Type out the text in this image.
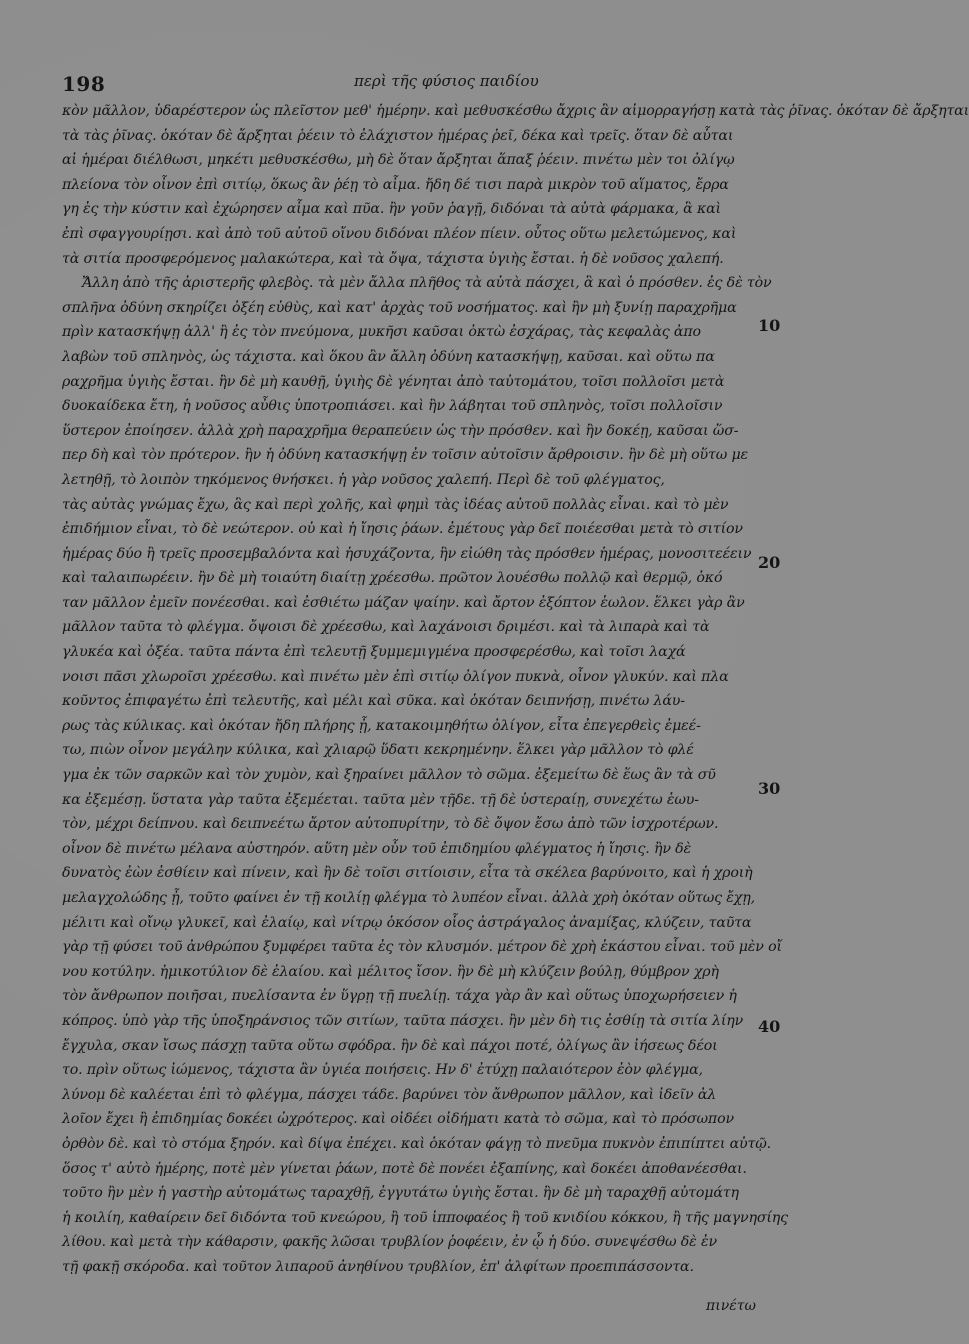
198	περὶ τῆς φύσιος παιδίου
κὸν μᾶλλον, ὑδαρέστερον ὡς πλεῖστον μεθ' ἡμέρην. καὶ μεθυσκέσθω ἄχρις ἂν αἱμορραγήσῃ κατὰ τὰς ῥῖνας. ὁκόταν δὲ ἄρξηται
τὰ τὰς ῥῖνας. ὁκόταν δὲ ἄρξηται ῥέειν τὸ ἐλάχιστον ἡμέρας ῥεῖ, δέκα καὶ τρεῖς. ὅταν δὲ αὗται
αἱ ἡμέραι διέλθωσι, μηκέτι μεθυσκέσθω, μὴ δὲ ὅταν ἄρξηται ἅπαξ ῥέειν. πινέτω μὲν τοι ὀλίγῳ
πλείονα τὸν οἶνον ἐπὶ σιτίῳ, ὅκως ἂν ῥέῃ τὸ αἷμα. ἤδη δέ τισι παρὰ μικρὸν τοῦ αἵματος, ἔρρα
γη ἐς τὴν κύστιν καὶ ἐχώρησεν αἷμα καὶ πῦα. ἢν γοῦν ῥαγῇ, διδόναι τὰ αὐτὰ φάρμακα, ἃ καὶ
ἐπὶ σφαγγουρίῃσι. καὶ ἀπὸ τοῦ αὐτοῦ οἴνου διδόναι πλέον πίειν. οὗτος οὕτω μελετώμενος, καὶ
τὰ σιτία προσφερόμενος μαλακώτερα, καὶ τὰ ὄψα, τάχιστα ὑγιὴς ἔσται. ἡ δὲ νοῦσος χαλεπή.
Ἄλλη ἀπὸ τῆς ἀριστερῆς φλεβὸς. τὰ μὲν ἄλλα πλῆθος τὰ αὐτὰ πάσχει, ἃ καὶ ὁ πρόσθεν. ἐς δὲ τὸν
σπλῆνα ὀδύνη σκηρίζει ὀξέη εὐθὺς, καὶ κατ' ἀρχὰς τοῦ νοσήματος. καὶ ἢν μὴ ξυνίῃ παραχρῆμα
πρὶν κατασκήψῃ ἀλλ' ἢ ἐς τὸν πνεύμονα, μυκῆσι καῦσαι ὀκτὼ ἐσχάρας, τὰς κεφαλὰς ἀπο
λαβὼν τοῦ σπληνὸς, ὡς τάχιστα. καὶ ὅκου ἂν ἄλλη ὀδύνη κατασκήψῃ, καῦσαι. καὶ οὕτω πα
ραχρῆμα ὑγιὴς ἔσται. ἢν δὲ μὴ καυθῇ, ὑγιὴς δὲ γένηται ἀπὸ ταὐτομάτου, τοῖσι πολλοῖσι μετὰ
δυοκαίδεκα ἔτη, ἡ νοῦσος αὖθις ὑποτροπιάσει. καὶ ἢν λάβηται τοῦ σπληνὸς, τοῖσι πολλοῖσιν
ὕστερον ἐποίησεν. ἀλλὰ χρὴ παραχρῆμα θεραπεύειν ὡς τὴν πρόσθεν. καὶ ἢν δοκέῃ, καῦσαι ὥσ-
περ δὴ καὶ τὸν πρότερον. ἢν ἡ ὀδύνη κατασκήψῃ ἐν τοῖσιν αὐτοῖσιν ἄρθροισιν. ἢν δὲ μὴ οὕτω με
λετηθῇ, τὸ λοιπὸν τηκόμενος θνήσκει. ἡ γὰρ νοῦσος χαλεπή. Περὶ δὲ τοῦ φλέγματος,
τὰς αὐτὰς γνώμας ἔχω, ἃς καὶ περὶ χολῆς, καὶ φημὶ τὰς ἰδέας αὐτοῦ πολλὰς εἶναι. καὶ τὸ μὲν
ἐπιδήμιον εἶναι, τὸ δὲ νεώτερον. οὐ καὶ ἡ ἴησις ῥάων. ἐμέτους γὰρ δεῖ ποιέεσθαι μετὰ τὸ σιτίον
ἡμέρας δύο ἢ τρεῖς προσεμβαλόντα καὶ ἡσυχάζοντα, ἣν εἰώθη τὰς πρόσθεν ἡμέρας, μονοσιτεέειν
καὶ ταλαιπωρέειν. ἢν δὲ μὴ τοιαύτη διαίτῃ χρέεσθω. πρῶτον λουέσθω πολλῷ καὶ θερμῷ, ὁκό
ταν μᾶλλον ἐμεῖν πονέεσθαι. καὶ ἐσθιέτω μάζαν ψαίην. καὶ ἄρτον ἐξόπτον ἑωλον. ἕλκει γὰρ ἂν
μᾶλλον ταῦτα τὸ φλέγμα. ὄψοισι δὲ χρέεσθω, καὶ λαχάνοισι δριμέσι. καὶ τὰ λιπαρὰ καὶ τὰ
γλυκέα καὶ ὀξέα. ταῦτα πάντα ἐπὶ τελευτῇ ξυμμεμιγμένα προσφερέσθω, καὶ τοῖσι λαχά
νοισι πᾶσι χλωροῖσι χρέεσθω. καὶ πινέτω μὲν ἐπὶ σιτίῳ ὀλίγον πυκνὰ, οἶνον γλυκύν. καὶ πλα
κοῦντος ἐπιφαγέτω ἐπὶ τελευτῆς, καὶ μέλι καὶ σῦκα. καὶ ὁκόταν δειπνήσῃ, πινέτω λάυ-
ρως τὰς κύλικας. καὶ ὁκόταν ἤδη πλήρης ᾖ, κατακοιμηθήτω ὀλίγον, εἶτα ἐπεγερθεὶς ἐμεέ-
τω, πιὼν οἶνον μεγάλην κύλικα, καὶ χλιαρῷ ὕδατι κεκρημένην. ἕλκει γὰρ μᾶλλον τὸ φλέ
γμα ἐκ τῶν σαρκῶν καὶ τὸν χυμὸν, καὶ ξηραίνει μᾶλλον τὸ σῶμα. ἐξεμείτω δὲ ἕως ἂν τὰ σῦ
κα ἐξεμέσῃ. ὕστατα γὰρ ταῦτα ἐξεμέεται. ταῦτα μὲν τῇδε. τῇ δὲ ὑστεραίῃ, συνεχέτω ἑωυ-
τὸν, μέχρι δείπνου. καὶ δειπνεέτω ἄρτον αὐτοπυρίτην, τὸ δὲ ὄψον ἔσω ἀπὸ τῶν ἰσχροτέρων.
οἶνον δὲ πινέτω μέλανα αὐστηρόν. αὕτη μὲν οὖν τοῦ ἐπιδημίου φλέγματος ἡ ἴησις. ἢν δὲ
δυνατὸς ἐὼν ἐσθίειν καὶ πίνειν, καὶ ἢν δὲ τοῖσι σιτίοισιν, εἶτα τὰ σκέλεα βαρύνοιτο, καὶ ἡ χροιὴ
μελαγχολώδης ᾖ, τοῦτο φαίνει ἐν τῇ κοιλίῃ φλέγμα τὸ λυπέον εἶναι. ἀλλὰ χρὴ ὁκόταν οὕτως ἔχῃ,
μέλιτι καὶ οἴνῳ γλυκεῖ, καὶ ἐλαίῳ, καὶ νίτρῳ ὁκόσον οἷος ἀστράγαλος ἀναμίξας, κλύζειν, ταῦτα
γὰρ τῇ φύσει τοῦ ἀνθρώπου ξυμφέρει ταῦτα ἐς τὸν κλυσμόν. μέτρον δὲ χρὴ ἑκάστου εἶναι. τοῦ μὲν οἴ
νου κοτύλην. ἡμικοτύλιον δὲ ἐλαίου. καὶ μέλιτος ἴσον. ἢν δὲ μὴ κλύζειν βούλῃ, θύμβρον χρὴ
τὸν ἄνθρωπον ποιῆσαι, πυελίσαντα ἐν ὕγρῃ τῇ πυελίῃ. τάχα γὰρ ἂν καὶ οὕτως ὑποχωρήσειεν ἡ
κόπρος. ὑπὸ γὰρ τῆς ὑποξηράνσιος τῶν σιτίων, ταῦτα πάσχει. ἢν μὲν δὴ τις ἐσθίῃ τὰ σιτία λίην
ἔγχυλα, σκαν ἴσως πάσχῃ ταῦτα οὕτω σφόδρα. ἢν δὲ καὶ πάχοι ποτέ, ὀλίγως ἂν ἰήσεως δέοι
το. πρὶν οὕτως ἰώμενος, τάχιστα ἂν ὑγιέα ποιήσεις. Ην δ' ἐτύχῃ παλαιότερον ἐὸν φλέγμα,
λύνομ δὲ καλέεται ἐπὶ τὸ φλέγμα, πάσχει τάδε. βαρύνει τὸν ἄνθρωπον μᾶλλον, καὶ ἰδεῖν ἀλ
λοῖον ἔχει ἢ ἐπιδημίας δοκέει ὠχρότερος. καὶ οἰδέει οἰδήματι κατὰ τὸ σῶμα, καὶ τὸ πρόσωπον
ὀρθὸν δὲ. καὶ τὸ στόμα ξηρόν. καὶ δίψα ἐπέχει. καὶ ὁκόταν φάγῃ τὸ πνεῦμα πυκνὸν ἐπιπίπτει αὐτῷ.
ὅσος τ' αὐτὸ ἡμέρης, ποτὲ μὲν γίνεται ῥάων, ποτὲ δὲ πονέει ἐξαπίνης, καὶ δοκέει ἀποθανέεσθαι.
τοῦτο ἢν μὲν ἡ γαστὴρ αὐτομάτως ταραχθῇ, ἐγγυτάτω ὑγιὴς ἔσται. ἢν δὲ μὴ ταραχθῇ αὐτομάτη
ἡ κοιλίη, καθαίρειν δεῖ διδόντα τοῦ κνεώρου, ἢ τοῦ ἱπποφαέος ἢ τοῦ κνιδίου κόκκου, ἢ τῆς μαγνησίης
λίθου. καὶ μετὰ τὴν κάθαρσιν, φακῆς λῶσαι τρυβλίον ῥοφέειν, ἐν ᾧ ἡ δύο. συνεψέσθω δὲ ἐν
τῇ φακῇ σκόροδα. καὶ τοῦτον λιπαροῦ ἀνηθίνου τρυβλίον, ἐπ' ἀλφίτων προεπιπάσσοντα.
10
20
30
40
πινέτω
